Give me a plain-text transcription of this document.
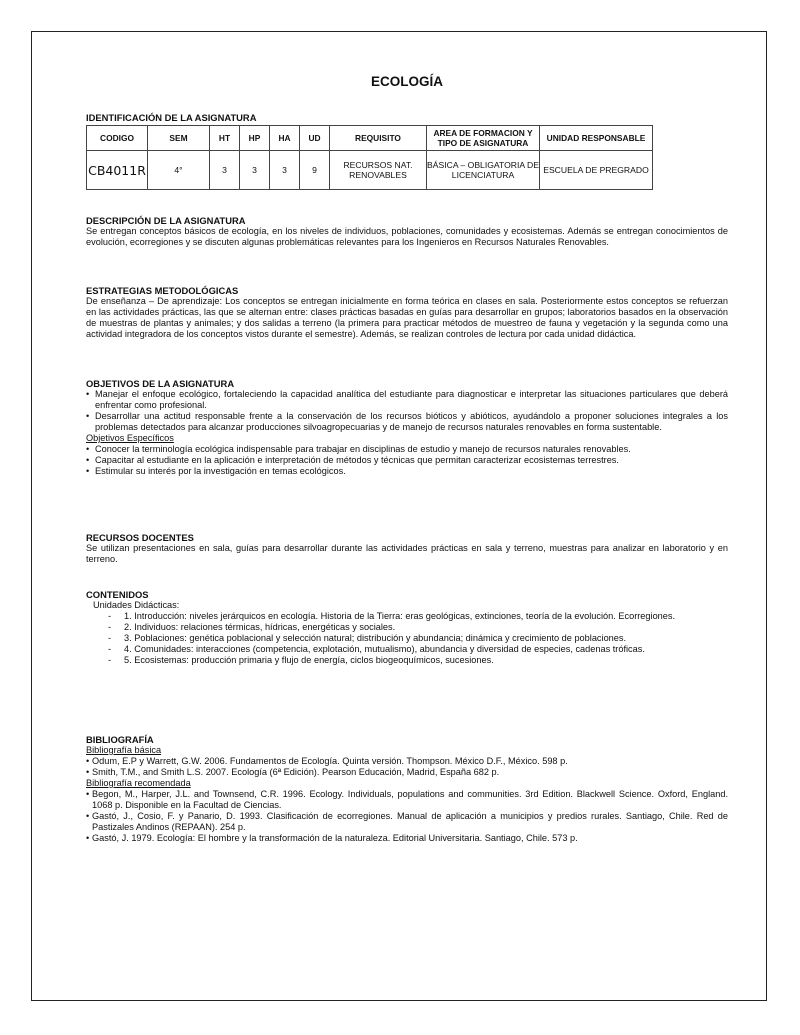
ECOLOGÍA
IDENTIFICACIÓN DE LA ASIGNATURA
CODIGO	SEM	HT	HP	HA	UD	REQUISITO	AREA DE FORMACION Y TIPO DE ASIGNATURA	UNIDAD RESPONSABLE
CB4011R	4°	3	3	3	9	RECURSOS NAT. RENOVABLES	BÁSICA – OBLIGATORIA DE LICENCIATURA	ESCUELA DE PREGRADO
DESCRIPCIÓN DE LA ASIGNATURA
Se entregan conceptos básicos de ecología, en los niveles de individuos, poblaciones, comunidades y ecosistemas. Además se entregan conocimientos de evolución, ecorregiones y se discuten algunas problemáticas relevantes para los Ingenieros en Recursos Naturales Renovables.
ESTRATEGIAS METODOLÓGICAS
De enseñanza – De aprendizaje: Los conceptos se entregan inicialmente en forma teórica en clases en sala. Posteriormente estos conceptos se refuerzan en las actividades prácticas, las que se alternan entre: clases prácticas basadas en guías para desarrollar en grupos; laboratorios basados en la observación de muestras de plantas y animales; y dos salidas a terreno (la primera para practicar métodos de muestreo de fauna y vegetación y la segunda como una actividad integradora de los conceptos vistos durante el semestre). Además, se realizan controles de lectura por cada unidad didáctica.
OBJETIVOS DE LA ASIGNATURA
• Manejar el enfoque ecológico, fortaleciendo la capacidad analítica del estudiante para diagnosticar e interpretar las situaciones particulares que deberá enfrentar como profesional.
• Desarrollar una actitud responsable frente a la conservación de los recursos bióticos y abióticos, ayudándolo a proponer soluciones integrales a los problemas detectados para alcanzar producciones silvoagropecuarias y de manejo de recursos naturales renovables en forma sustentable.
Objetivos Específicos
• Conocer la terminología ecológica indispensable para trabajar en disciplinas de estudio y manejo de recursos naturales renovables.
• Capacitar al estudiante en la aplicación e interpretación de métodos y técnicas que permitan caracterizar ecosistemas terrestres.
• Estimular su interés por la investigación en temas ecológicos.
RECURSOS DOCENTES
Se utilizan presentaciones en sala, guías para desarrollar durante las actividades prácticas en sala y terreno, muestras para analizar en laboratorio y en terreno.
CONTENIDOS
Unidades Didácticas:
- 1. Introducción: niveles jerárquicos en ecología. Historia de la Tierra: eras geológicas, extinciones, teoría de la evolución. Ecorregiones.
- 2. Individuos: relaciones térmicas, hídricas, energéticas y sociales.
- 3. Poblaciones: genética poblacional y selección natural; distribución y abundancia; dinámica y crecimiento de poblaciones.
- 4. Comunidades: interacciones (competencia, explotación, mutualismo), abundancia y diversidad de especies, cadenas tróficas.
- 5. Ecosistemas: producción primaria y flujo de energía, ciclos biogeoquímicos, sucesiones.
BIBLIOGRAFÍA
Bibliografía básica
• Odum, E.P y Warrett, G.W. 2006. Fundamentos de Ecología. Quinta versión. Thompson. México D.F., México. 598 p.
• Smith, T.M., and Smith L.S. 2007. Ecología (6ª Edición). Pearson Educación, Madrid, España 682 p.
Bibliografía recomendada
• Begon, M., Harper, J.L. and Townsend, C.R. 1996. Ecology. Individuals, populations and communities. 3rd Edition. Blackwell Science. Oxford, England. 1068 p. Disponible en la Facultad de Ciencias.
• Gastó, J., Cosio, F. y Panario, D. 1993. Clasificación de ecorregiones. Manual de aplicación a municipios y predios rurales. Santiago, Chile. Red de Pastizales Andinos (REPAAN). 254 p.
• Gastó, J. 1979. Ecología: El hombre y la transformación de la naturaleza. Editorial Universitaria. Santiago, Chile. 573 p.
